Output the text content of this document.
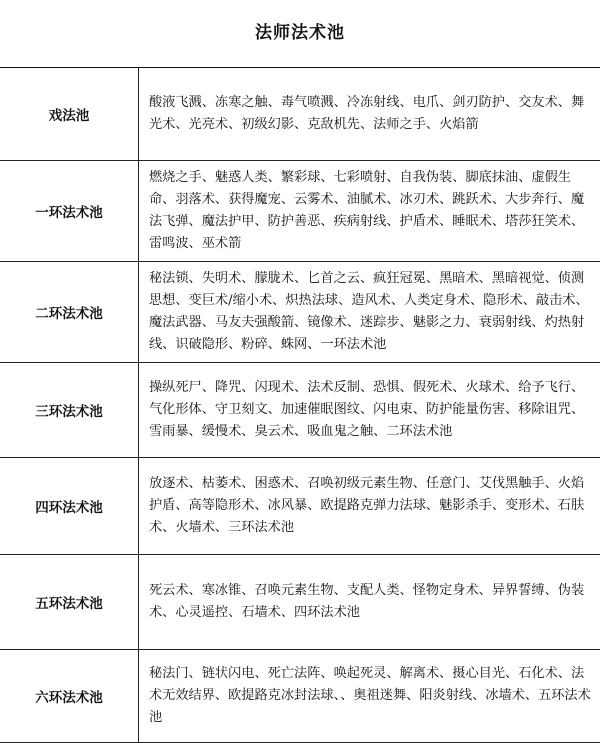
法师法术池
戏法池	酸液飞溅、冻寒之触、毒气喷溅、冷冻射线、电爪、剑刃防护、交友术、舞光术、光亮术、初级幻影、克敌机先、法师之手、火焰箭
一环法术池	燃烧之手、魅惑人类、繁彩球、七彩喷射、自我伪装、脚底抹油、虚假生命、羽落术、获得魔宠、云雾术、油腻术、冰刃术、跳跃术、大步奔行、魔法飞弹、魔法护甲、防护善恶、疾病射线、护盾术、睡眠术、塔莎狂笑术、雷鸣波、巫术箭
二环法术池	秘法锁、失明术、朦胧术、匕首之云、疯狂冠冕、黑暗术、黑暗视觉、侦测思想、变巨术/缩小术、炽热法球、造风术、人类定身术、隐形术、敲击术、魔法武器、马友夫强酸箭、镜像术、迷踪步、魅影之力、衰弱射线、灼热射线、识破隐形、粉碎、蛛网、一环法术池
三环法术池	操纵死尸、降咒、闪现术、法术反制、恐惧、假死术、火球术、给予飞行、气化形体、守卫刻文、加速催眠图纹、闪电束、防护能量伤害、移除诅咒、雪雨暴、缓慢术、臭云术、吸血鬼之触、二环法术池
四环法术池	放逐术、枯萎术、困惑术、召唤初级元素生物、任意门、艾伐黑触手、火焰护盾、高等隐形术、冰风暴、欧提路克弹力法球、魅影杀手、变形术、石肤术、火墙术、三环法术池
五环法术池	死云术、寒冰锥、召唤元素生物、支配人类、怪物定身术、异界誓缚、伪装术、心灵遥控、石墙术、四环法术池
六环法术池	秘法门、链状闪电、死亡法阵、唤起死灵、解离术、摄心目光、石化术、法术无效结界、欧提路克冰封法球、、奥祖迷舞、阳炎射线、冰墙术、五环法术池
